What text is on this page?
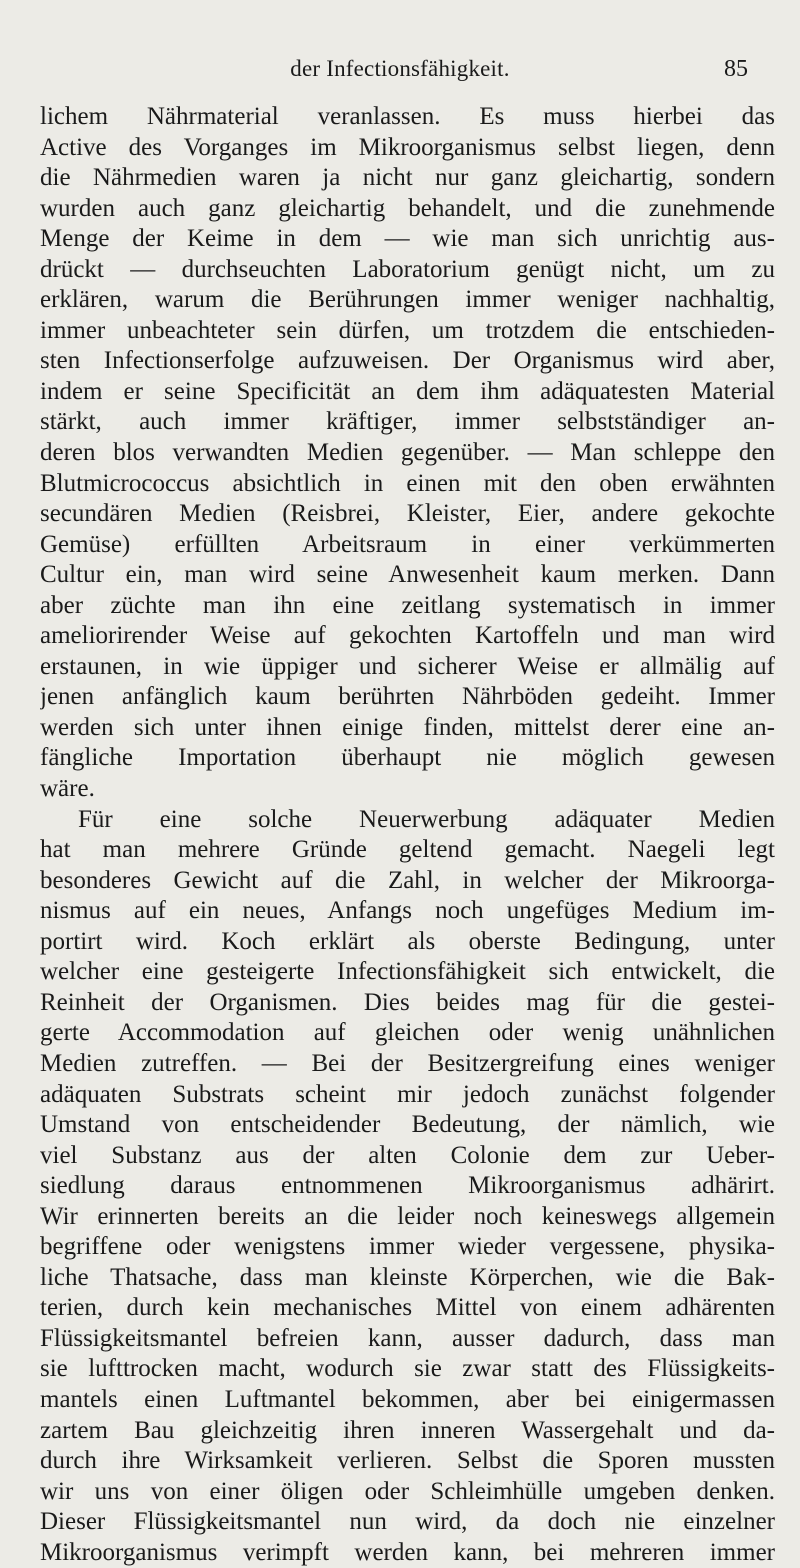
der Infectionsfähigkeit.	85
lichem Nährmaterial veranlassen. Es muss hierbei das
Active des Vorganges im Mikroorganismus selbst liegen, denn
die Nährmedien waren ja nicht nur ganz gleichartig, sondern
wurden auch ganz gleichartig behandelt, und die zunehmende
Menge der Keime in dem — wie man sich unrichtig aus-
drückt — durchseuchten Laboratorium genügt nicht, um zu
erklären, warum die Berührungen immer weniger nachhaltig,
immer unbeachteter sein dürfen, um trotzdem die entschieden-
sten Infectionserfolge aufzuweisen. Der Organismus wird aber,
indem er seine Specificität an dem ihm adäquatesten Material
stärkt, auch immer kräftiger, immer selbstständiger an-
deren blos verwandten Medien gegenüber. — Man schleppe den
Blutmicrococcus absichtlich in einen mit den oben erwähnten
secundären Medien (Reisbrei, Kleister, Eier, andere gekochte
Gemüse) erfüllten Arbeitsraum in einer verkümmerten
Cultur ein, man wird seine Anwesenheit kaum merken. Dann
aber züchte man ihn eine zeitlang systematisch in immer
ameliorirender Weise auf gekochten Kartoffeln und man wird
erstaunen, in wie üppiger und sicherer Weise er allmälig auf
jenen anfänglich kaum berührten Nährböden gedeiht. Immer
werden sich unter ihnen einige finden, mittelst derer eine an-
fängliche Importation überhaupt nie möglich gewesen
wäre.
Für eine solche Neuerwerbung adäquater Medien
hat man mehrere Gründe geltend gemacht. Naegeli legt
besonderes Gewicht auf die Zahl, in welcher der Mikroorga-
nismus auf ein neues, Anfangs noch ungefüges Medium im-
portirt wird. Koch erklärt als oberste Bedingung, unter
welcher eine gesteigerte Infectionsfähigkeit sich entwickelt, die
Reinheit der Organismen. Dies beides mag für die gestei-
gerte Accommodation auf gleichen oder wenig unähnlichen
Medien zutreffen. — Bei der Besitzergreifung eines weniger
adäquaten Substrats scheint mir jedoch zunächst folgender
Umstand von entscheidender Bedeutung, der nämlich, wie
viel Substanz aus der alten Colonie dem zur Ueber-
siedlung daraus entnommenen Mikroorganismus adhärirt.
Wir erinnerten bereits an die leider noch keineswegs allgemein
begriffene oder wenigstens immer wieder vergessene, physika-
liche Thatsache, dass man kleinste Körperchen, wie die Bak-
terien, durch kein mechanisches Mittel von einem adhärenten
Flüssigkeitsmantel befreien kann, ausser dadurch, dass man
sie lufttrocken macht, wodurch sie zwar statt des Flüssigkeits-
mantels einen Luftmantel bekommen, aber bei einigermassen
zartem Bau gleichzeitig ihren inneren Wassergehalt und da-
durch ihre Wirksamkeit verlieren. Selbst die Sporen mussten
wir uns von einer öligen oder Schleimhülle umgeben denken.
Dieser Flüssigkeitsmantel nun wird, da doch nie einzelner
Mikroorganismus verimpft werden kann, bei mehreren immer
